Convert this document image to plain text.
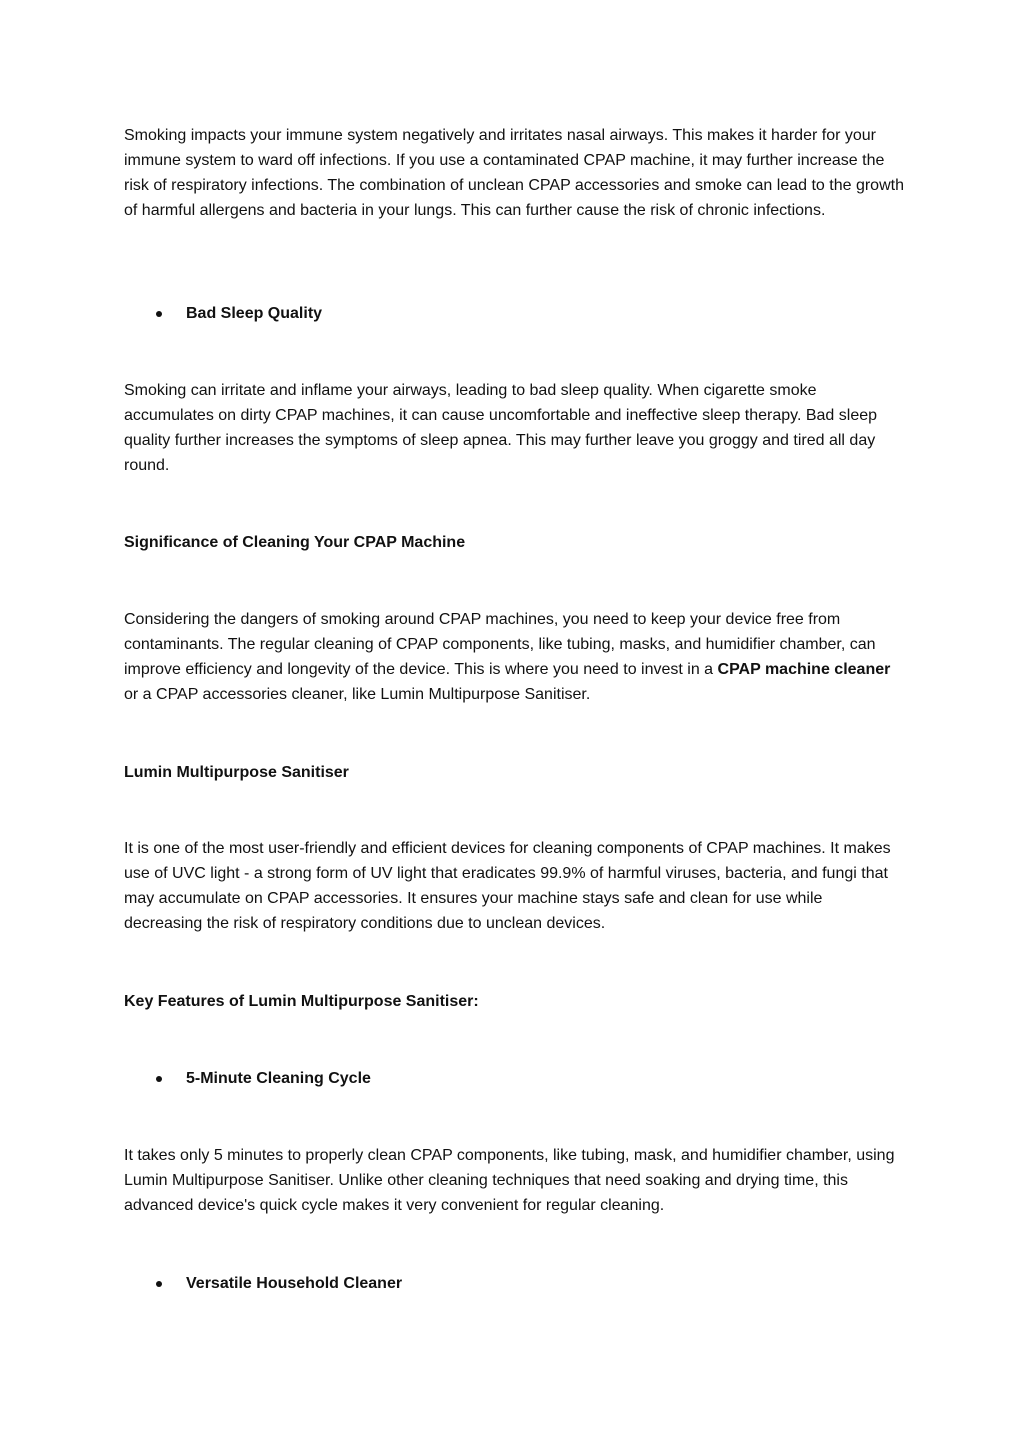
Smoking impacts your immune system negatively and irritates nasal airways. This makes it harder for your immune system to ward off infections. If you use a contaminated CPAP machine, it may further increase the risk of respiratory infections. The combination of unclean CPAP accessories and smoke can lead to the growth of harmful allergens and bacteria in your lungs. This can further cause the risk of chronic infections.

Bad Sleep Quality

Smoking can irritate and inflame your airways, leading to bad sleep quality. When cigarette smoke accumulates on dirty CPAP machines, it can cause uncomfortable and ineffective sleep therapy. Bad sleep quality further increases the symptoms of sleep apnea. This may further leave you groggy and tired all day round.

Significance of Cleaning Your CPAP Machine

Considering the dangers of smoking around CPAP machines, you need to keep your device free from contaminants. The regular cleaning of CPAP components, like tubing, masks, and humidifier chamber, can improve efficiency and longevity of the device. This is where you need to invest in a CPAP machine cleaner or a CPAP accessories cleaner, like Lumin Multipurpose Sanitiser.

Lumin Multipurpose Sanitiser

It is one of the most user-friendly and efficient devices for cleaning components of CPAP machines. It makes use of UVC light - a strong form of UV light that eradicates 99.9% of harmful viruses, bacteria, and fungi that may accumulate on CPAP accessories. It ensures your machine stays safe and clean for use while decreasing the risk of respiratory conditions due to unclean devices.

Key Features of Lumin Multipurpose Sanitiser:

5-Minute Cleaning Cycle

It takes only 5 minutes to properly clean CPAP components, like tubing, mask, and humidifier chamber, using Lumin Multipurpose Sanitiser. Unlike other cleaning techniques that need soaking and drying time, this advanced device's quick cycle makes it very convenient for regular cleaning.

Versatile Household Cleaner
